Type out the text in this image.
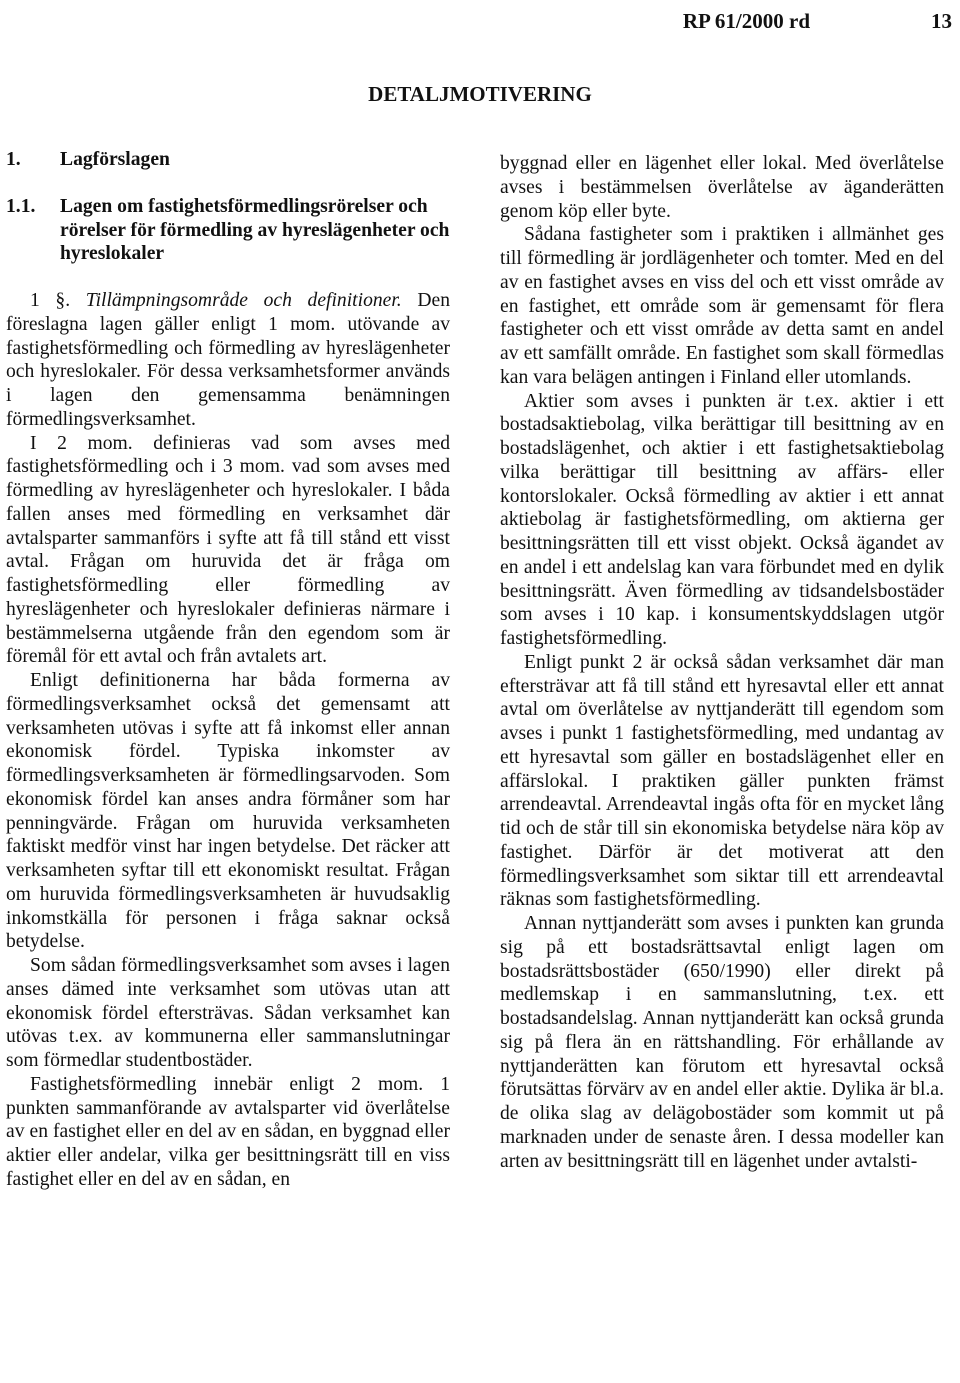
RP 61/2000 rd	13
DETALJMOTIVERING
1.	Lagförslagen
1.1.	Lagen om fastighetsförmedlingsrörelser och rörelser för förmedling av hyreslägenheter och hyreslokaler

1 §. Tillämpningsområde och definitioner. Den föreslagna lagen gäller enligt 1 mom. utövande av fastighetsförmedling och förmedling av hyreslägenheter och hyreslokaler. För dessa verksamhetsformer används i lagen den gemensamma benämningen förmedlingsverksamhet.

I 2 mom. definieras vad som avses med fastighetsförmedling och i 3 mom. vad som avses med förmedling av hyreslägenheter och hyreslokaler. I båda fallen anses med förmedling en verksamhet där avtalsparter sammanförs i syfte att få till stånd ett visst avtal. Frågan om huruvida det är fråga om fastighetsförmedling eller förmedling av hyreslägenheter och hyreslokaler definieras närmare i bestämmelserna utgående från den egendom som är föremål för ett avtal och från avtalets art.

Enligt definitionerna har båda formerna av förmedlingsverksamhet också det gemensamt att verksamheten utövas i syfte att få inkomst eller annan ekonomisk fördel. Typiska inkomster av förmedlingsverksamheten är förmedlingsarvoden. Som ekonomisk fördel kan anses andra förmåner som har penningvärde. Frågan om huruvida verksamheten faktiskt medför vinst har ingen betydelse. Det räcker att verksamheten syftar till ett ekonomiskt resultat. Frågan om huruvida förmedlingsverksamheten är huvudsaklig inkomstkälla för personen i fråga saknar också betydelse.

Som sådan förmedlingsverksamhet som avses i lagen anses dämed inte verksamhet som utövas utan att ekonomisk fördel eftersträvas. Sådan verksamhet kan utövas t.ex. av kommunerna eller sammanslutningar som förmedlar studentbostäder.

Fastighetsförmedling innebär enligt 2 mom. 1 punkten sammanförande av avtalsparter vid överlåtelse av en fastighet eller en del av en sådan, en byggnad eller aktier eller andelar, vilka ger besittningsrätt till en viss fastighet eller en del av en sådan, en

byggnad eller en lägenhet eller lokal. Med överlåtelse avses i bestämmelsen överlåtelse av äganderätten genom köp eller byte.

Sådana fastigheter som i praktiken i allmänhet ges till förmedling är jordlägenheter och tomter. Med en del av en fastighet avses en viss del och ett visst område av en fastighet, ett område som är gemensamt för flera fastigheter och ett visst område av detta samt en andel av ett samfällt område. En fastighet som skall förmedlas kan vara belägen antingen i Finland eller utomlands.

Aktier som avses i punkten är t.ex. aktier i ett bostadsaktiebolag, vilka berättigar till besittning av en bostadslägenhet, och aktier i ett fastighetsaktiebolag vilka berättigar till besittning av affärs- eller kontorslokaler. Också förmedling av aktier i ett annat aktiebolag är fastighetsförmedling, om aktierna ger besittningsrätten till ett visst objekt. Också ägandet av en andel i ett andelslag kan vara förbundet med en dylik besittningsrätt. Även förmedling av tidsandelsbostäder som avses i 10 kap. i konsumentskyddslagen utgör fastighetsförmedling.

Enligt punkt 2 är också sådan verksamhet där man eftersträvar att få till stånd ett hyresavtal eller ett annat avtal om överlåtelse av nyttjanderätt till egendom som avses i punkt 1 fastighetsförmedling, med undantag av ett hyresavtal som gäller en bostadslägenhet eller en affärslokal. I praktiken gäller punkten främst arrendeavtal. Arrendeavtal ingås ofta för en mycket lång tid och de står till sin ekonomiska betydelse nära köp av fastighet. Därför är det motiverat att den förmedlingsverksamhet som siktar till ett arrendeavtal räknas som fastighetsförmedling.

Annan nyttjanderätt som avses i punkten kan grunda sig på ett bostadsrättsavtal enligt lagen om bostadsrättsbostäder (650/1990) eller direkt på medlemskap i en sammanslutning, t.ex. ett bostadsandelslag. Annan nyttjanderätt kan också grunda sig på flera än en rättshandling. För erhållande av nyttjanderätten kan förutom ett hyresavtal också förutsättas förvärv av en andel eller aktie. Dylika är bl.a. de olika slag av delägobostäder som kommit ut på marknaden under de senaste åren. I dessa modeller kan arten av besittningsrätt till en lägenhet under avtalsti-
